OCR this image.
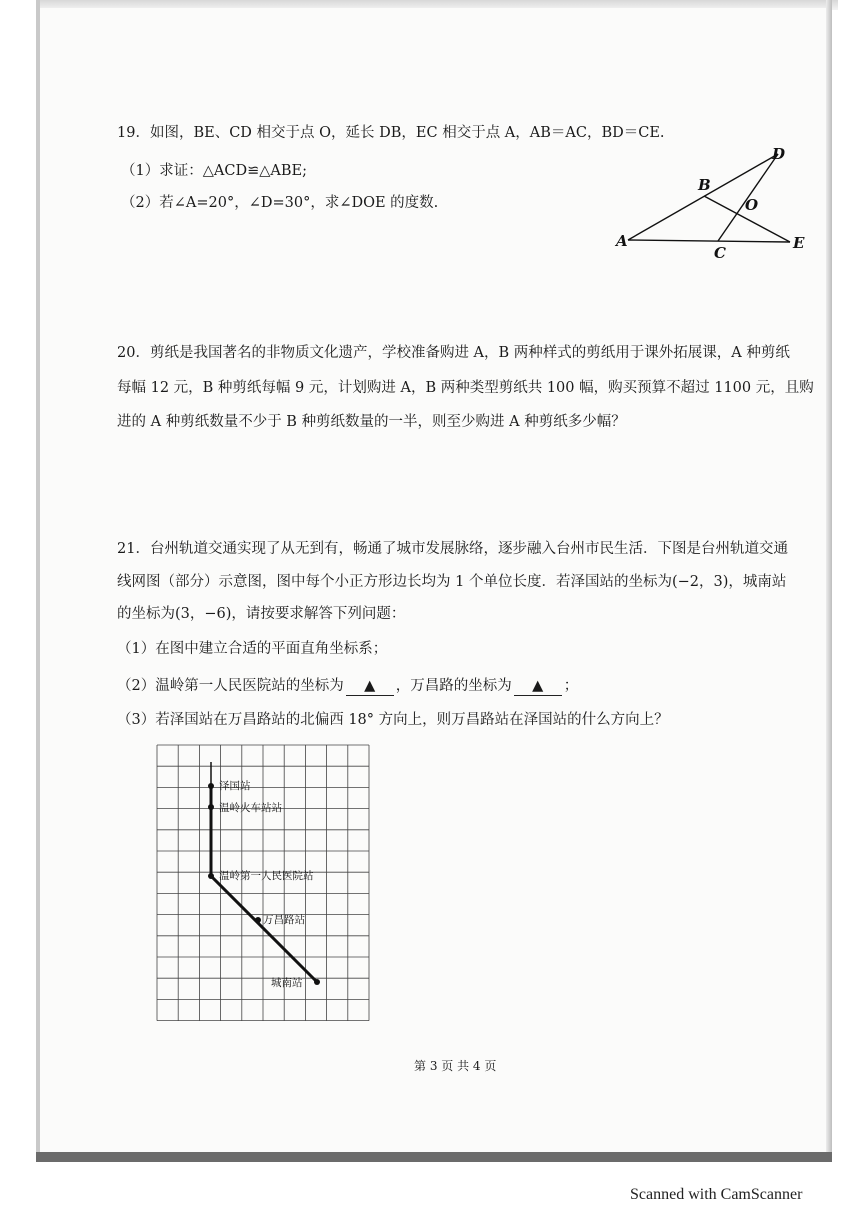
19．如图，BE、CD 相交于点 O，延长 DB，EC 相交于点 A，AB＝AC，BD＝CE.
（1）求证：△ACD≌△ABE;
（2）若∠A=20°，∠D=30°，求∠DOE 的度数.
D
B
O
A
C
E
20．剪纸是我国著名的非物质文化遗产，学校准备购进 A，B 两种样式的剪纸用于课外拓展课，A 种剪纸
每幅 12 元，B 种剪纸每幅 9 元，计划购进 A，B 两种类型剪纸共 100 幅，购买预算不超过 1100 元，且购
进的 A 种剪纸数量不少于 B 种剪纸数量的一半，则至少购进 A 种剪纸多少幅？
21．台州轨道交通实现了从无到有，畅通了城市发展脉络，逐步融入台州市民生活．下图是台州轨道交通
线网图（部分）示意图，图中每个小正方形边长均为 1 个单位长度．若泽国站的坐标为(−2，3)，城南站
的坐标为(3，−6)，请按要求解答下列问题：
（1）在图中建立合适的平面直角坐标系；
（2）温岭第一人民医院站的坐标为 ▲ ，万昌路的坐标为 ▲ ；
（3）若泽国站在万昌路站的北偏西 18° 方向上，则万昌路站在泽国站的什么方向上？
泽国站
温岭火车站站
温岭第一人民医院站
万昌路站
城南站
第 3 页 共 4 页
Scanned with CamScanner
